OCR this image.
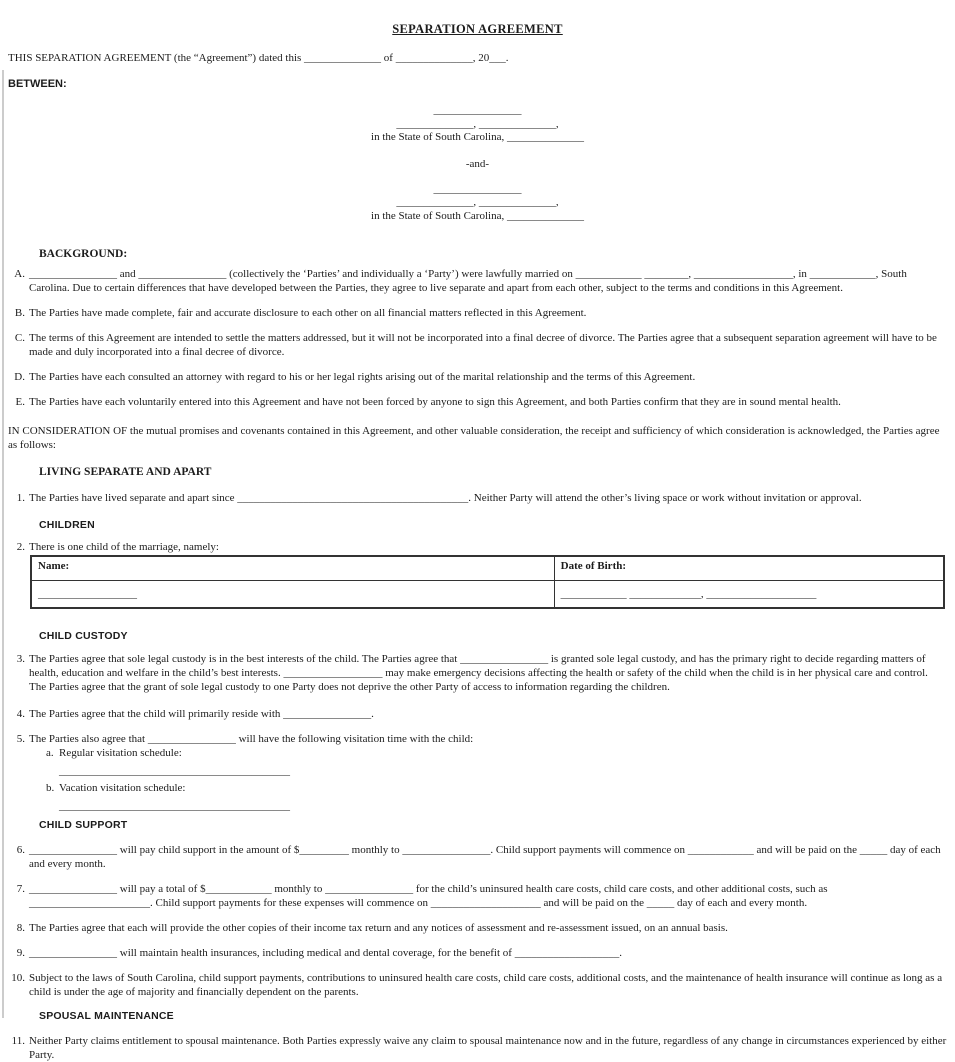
SEPARATION AGREEMENT

THIS SEPARATION AGREEMENT (the “Agreement”) dated this ______________ of ______________, 20___.

BETWEEN:
________________
______________, ______________,
in the State of South Carolina, ______________
-and-
________________
______________, ______________,
in the State of South Carolina, ______________
BACKGROUND:
A. ________________ and ________________ (collectively the ‘Parties’ and individually a ‘Party’) were lawfully married on ____________ ________, __________________, in ____________, South Carolina. Due to certain differences that have developed between the Parties, they agree to live separate and apart from each other, subject to the terms and conditions in this Agreement.
B. The Parties have made complete, fair and accurate disclosure to each other on all financial matters reflected in this Agreement.
C. The terms of this Agreement are intended to settle the matters addressed, but it will not be incorporated into a final decree of divorce. The Parties agree that a subsequent separation agreement will have to be made and duly incorporated into a final decree of divorce.
D. The Parties have each consulted an attorney with regard to his or her legal rights arising out of the marital relationship and the terms of this Agreement.
E. The Parties have each voluntarily entered into this Agreement and have not been forced by anyone to sign this Agreement, and both Parties confirm that they are in sound mental health.

IN CONSIDERATION OF the mutual promises and covenants contained in this Agreement, and other valuable consideration, the receipt and sufficiency of which consideration is acknowledged, the Parties agree as follows:

LIVING SEPARATE AND APART
1. The Parties have lived separate and apart since __________________________________________. Neither Party will attend the other’s living space or work without invitation or approval.
CHILDREN
2. There is one child of the marriage, namely:
Name:	Date of Birth:
__________________	____________ _____________, ____________________
CHILD CUSTODY
3. The Parties agree that sole legal custody is in the best interests of the child. The Parties agree that ________________ is granted sole legal custody, and has the primary right to decide regarding matters of health, education and welfare in the child’s best interests. __________________ may make emergency decisions affecting the health or safety of the child when the child is in her physical care and control. The Parties agree that the grant of sole legal custody to one Party does not deprive the other Party of access to information regarding the children.
4. The Parties agree that the child will primarily reside with ________________.
5. The Parties also agree that ________________ will have the following visitation time with the child:
a. Regular visitation schedule:
__________________________________________
b. Vacation visitation schedule:
__________________________________________
CHILD SUPPORT
6. ________________ will pay child support in the amount of $_________ monthly to ________________. Child support payments will commence on ____________ and will be paid on the _____ day of each and every month.
7. ________________ will pay a total of $____________ monthly to ________________ for the child’s uninsured health care costs, child care costs, and other additional costs, such as ______________________. Child support payments for these expenses will commence on ____________________ and will be paid on the _____ day of each and every month.
8. The Parties agree that each will provide the other copies of their income tax return and any notices of assessment and re-assessment issued, on an annual basis.
9. ________________ will maintain health insurances, including medical and dental coverage, for the benefit of ___________________.
10. Subject to the laws of South Carolina, child support payments, contributions to uninsured health care costs, child care costs, additional costs, and the maintenance of health insurance will continue as long as a child is under the age of majority and financially dependent on the parents.
SPOUSAL MAINTENANCE
11. Neither Party claims entitlement to spousal maintenance. Both Parties expressly waive any claim to spousal maintenance now and in the future, regardless of any change in circumstances experienced by either Party.
